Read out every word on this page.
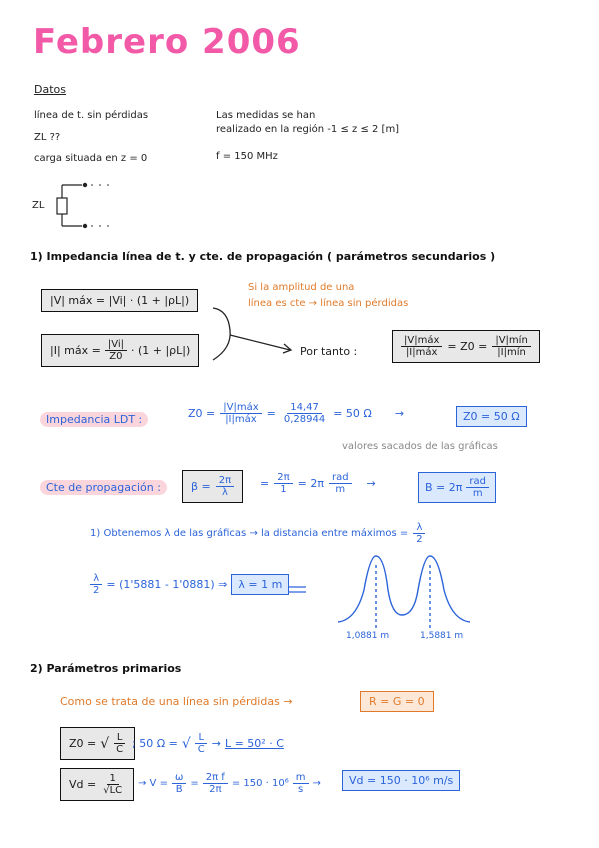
Febrero 2006
Datos
línea de t. sin pérdidas
ZL ??
carga situada en z = 0
Las medidas se han
realizado en la región -1 ≤ z ≤ 2 [m]
f = 150 MHz
ZL
1) Impedancia línea de t. y cte. de propagación ( parámetros secundarios )
Si la amplitud de una
línea es cte → línea sin pérdidas
|V| máx = |Vi| · (1 + |ρL|)
|I| máx = $\frac{|Vi|}{Z0} \cdot (1 + |\rho L|)$	Por tanto :	$\frac{\text{|V|máx}}{\text{|I|máx}} = Z0 = \frac{\text{|V|mín}}{\text{|I|mín}}$
Impedancia LDT :	$Z0 = \frac{\text{|V|máx}}{\text{|I|máx}} = \frac{14,47}{0,28944} = 50$ Ω →	Z0 = 50 Ω
valores sacados de las gráficas
Cte de propagación :	$\beta = \frac{2\pi}{\lambda} = \frac{2\pi}{1} = 2\pi \frac{\text{rad}}{m}$ →	$B = 2\pi \frac{\text{rad}}{m}$
1) Obtenemos λ de las gráficas → la distancia entre máximos = $\frac{\lambda}{2}$
$\frac{\lambda}{2} = (1'5881 - 1'0881)$ ⇒	λ = 1 m
1,0881 m	1,5881 m
2) Parámetros primarios
Como se trata de una línea sin pérdidas →	R = G = 0
Z0 = √ $\frac{L}{C}$ ; 50 Ω = √ $\frac{L}{C} \to L = 50^2 \cdot C$
$Vd = \frac{1}{√LC} \to V = \frac{\omega}{B} = \frac{\text{2π f}}{2\pi} = 150 \cdot 10^6 \frac{m}{s}$ →	Vd = 150 · 10⁶ m/s
